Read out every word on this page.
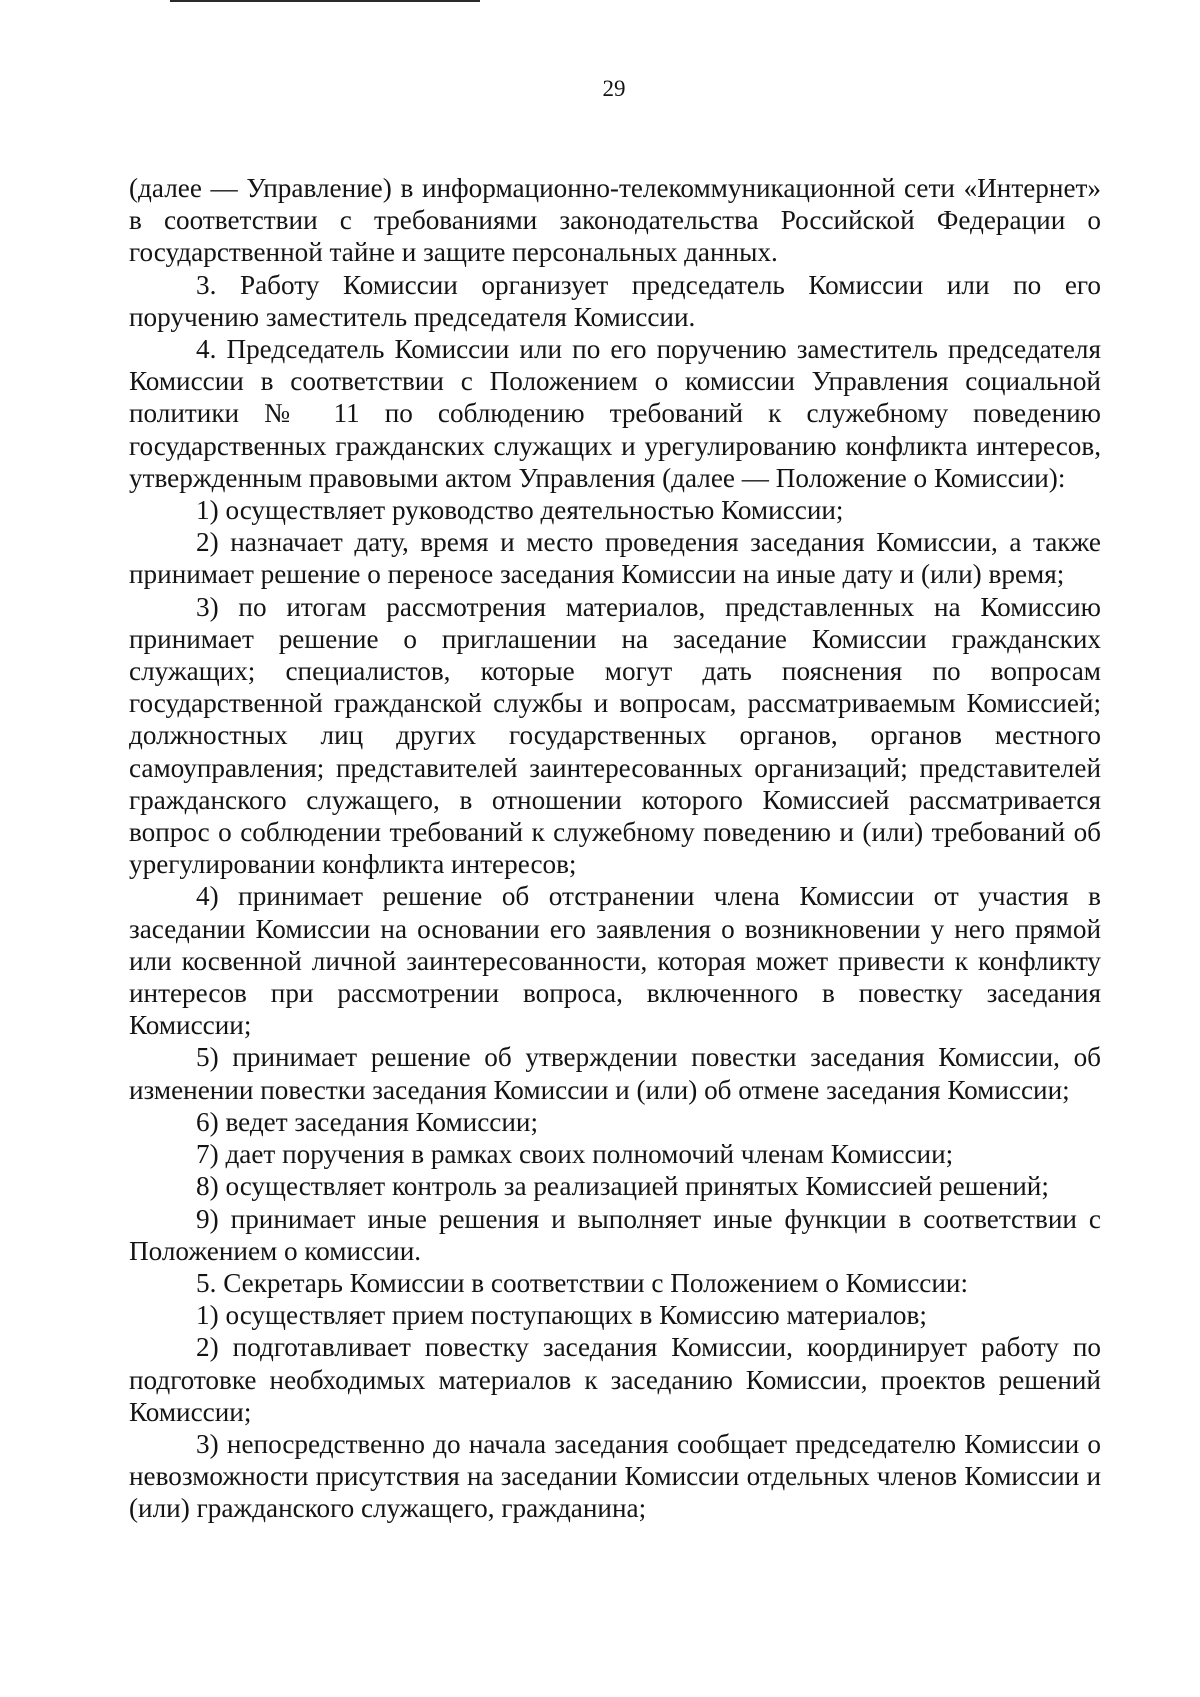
29

(далее — Управление) в информационно-телекоммуникационной сети «Интернет» в соответствии с требованиями законодательства Российской Федерации о государственной тайне и защите персональных данных.

3. Работу Комиссии организует председатель Комиссии или по его поручению заместитель председателя Комиссии.

4. Председатель Комиссии или по его поручению заместитель председателя Комиссии в соответствии с Положением о комиссии Управления социальной политики № 11 по соблюдению требований к служебному поведению государственных гражданских служащих и урегулированию конфликта интересов, утвержденным правовыми актом Управления (далее — Положение о Комиссии):

1) осуществляет руководство деятельностью Комиссии;

2) назначает дату, время и место проведения заседания Комиссии, а также принимает решение о переносе заседания Комиссии на иные дату и (или) время;

3) по итогам рассмотрения материалов, представленных на Комиссию принимает решение о приглашении на заседание Комиссии гражданских служащих; специалистов, которые могут дать пояснения по вопросам государственной гражданской службы и вопросам, рассматриваемым Комиссией; должностных лиц других государственных органов, органов местного самоуправления; представителей заинтересованных организаций; представителей гражданского служащего, в отношении которого Комиссией рассматривается вопрос о соблюдении требований к служебному поведению и (или) требований об урегулировании конфликта интересов;

4) принимает решение об отстранении члена Комиссии от участия в заседании Комиссии на основании его заявления о возникновении у него прямой или косвенной личной заинтересованности, которая может привести к конфликту интересов при рассмотрении вопроса, включенного в повестку заседания Комиссии;

5) принимает решение об утверждении повестки заседания Комиссии, об изменении повестки заседания Комиссии и (или) об отмене заседания Комиссии;

6) ведет заседания Комиссии;

7) дает поручения в рамках своих полномочий членам Комиссии;

8) осуществляет контроль за реализацией принятых Комиссией решений;

9) принимает иные решения и выполняет иные функции в соответствии с Положением о комиссии.

5. Секретарь Комиссии в соответствии с Положением о Комиссии:

1) осуществляет прием поступающих в Комиссию материалов;

2) подготавливает повестку заседания Комиссии, координирует работу по подготовке необходимых материалов к заседанию Комиссии, проектов решений Комиссии;

3) непосредственно до начала заседания сообщает председателю Комиссии о невозможности присутствия на заседании Комиссии отдельных членов Комиссии и (или) гражданского служащего, гражданина;
